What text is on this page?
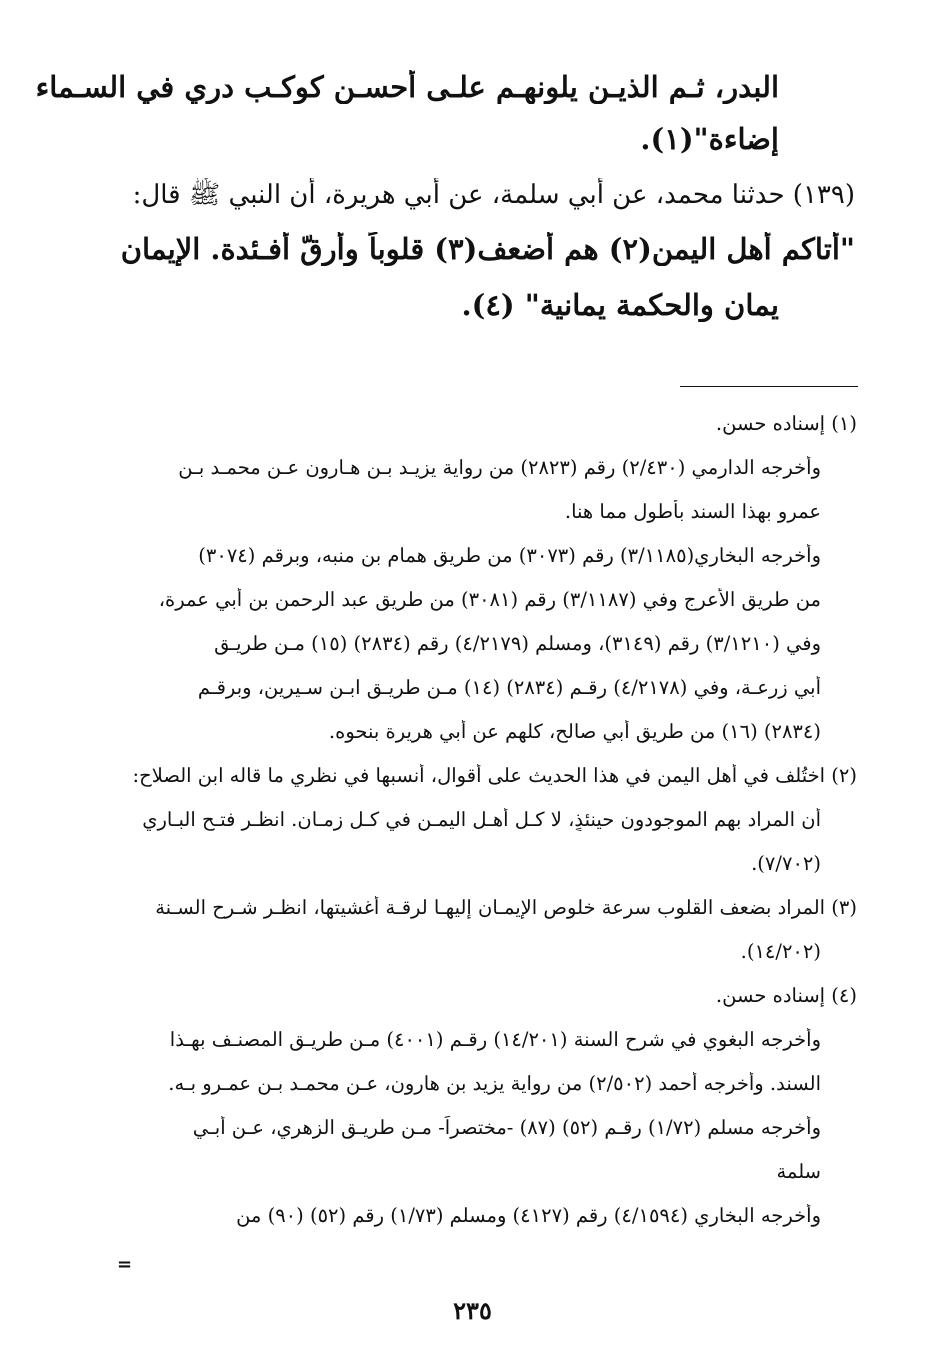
البدر، ثـم الذيـن يلونهـم علـى أحسـن كوكـب دري في السـماء
إضاءة"(١).
(١٣٩) حدثنا محمد، عن أبي سلمة، عن أبي هريرة، أن النبي ﷺ قال:
"أتاكم أهل اليمن(٢) هم أضعف(٣) قلوباً وأرقّ أفـئدة. الإيمان
يمان والحكمة يمانية" (٤).
(١) إسناده حسن.
وأخرجه الدارمي (٢/٤٣٠) رقم (٢٨٢٣) من رواية يزيـد بـن هـارون عـن محمـد بـن
عمرو بهذا السند بأطول مما هنا.
وأخرجه البخاري(٣/١١٨٥) رقم (٣٠٧٣) من طريق همام بن منبه، وبرقم (٣٠٧٤)
من طريق الأعرج وفي (٣/١١٨٧) رقم (٣٠٨١) من طريق عبد الرحمن بن أبي عمرة،
وفي (٣/١٢١٠) رقم (٣١٤٩)، ومسلم (٤/٢١٧٩) رقم (٢٨٣٤) (١٥) مـن طريـق
أبي زرعـة، وفي (٤/٢١٧٨) رقـم (٢٨٣٤) (١٤) مـن طريـق ابـن سـيرين، وبرقـم
(٢٨٣٤) (١٦) من طريق أبي صالح، كلهم عن أبي هريرة بنحوه.
(٢) اختُلف في أهل اليمن في هذا الحديث على أقوال، أنسبها في نظري ما قاله ابن الصلاح:
أن المراد بهم الموجودون حينئذٍ، لا كـل أهـل اليمـن في كـل زمـان. انظـر فتـح البـاري
(٧/٧٠٢).
(٣) المراد بضعف القلوب سرعة خلوص الإيمـان إليهـا لرقـة أغشيتها، انظـر شـرح السـنة
(١٤/٢٠٢).
(٤) إسناده حسن.
وأخرجه البغوي في شرح السنة (١٤/٢٠١) رقـم (٤٠٠١) مـن طريـق المصنـف بهـذا
السند. وأخرجه أحمد (٢/٥٠٢) من رواية يزيد بن هارون، عـن محمـد بـن عمـرو بـه.
وأخرجه مسلم (١/٧٢) رقـم (٥٢) (٨٧) -مختصراً- مـن طريـق الزهري، عـن أبـي
سلمة
وأخرجه البخاري (٤/١٥٩٤) رقم (٤١٢٧) ومسلم (١/٧٣) رقم (٥٢) (٩٠) من
=
٢٣٥
